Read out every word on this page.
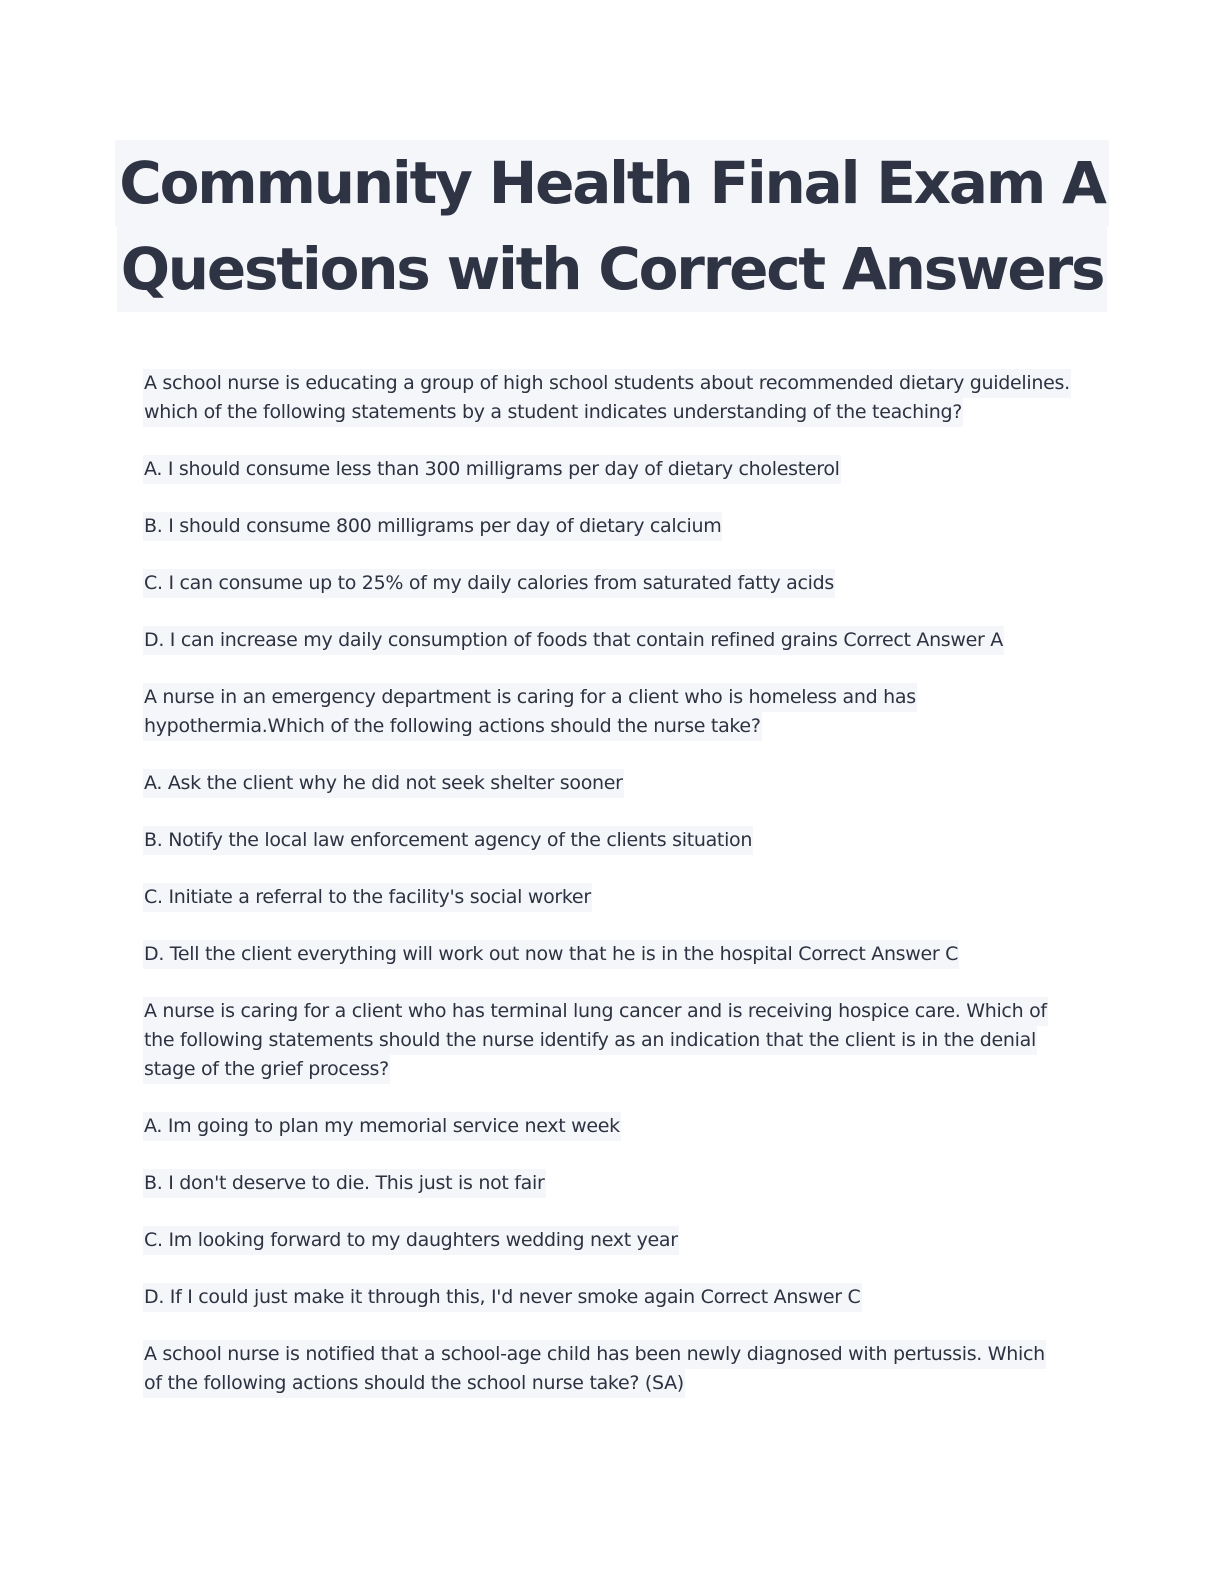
Community Health Final Exam A
Questions with Correct Answers

A school nurse is educating a group of high school students about recommended dietary guidelines.
which of the following statements by a student indicates understanding of the teaching?

A. I should consume less than 300 milligrams per day of dietary cholesterol

B. I should consume 800 milligrams per day of dietary calcium

C. I can consume up to 25% of my daily calories from saturated fatty acids

D. I can increase my daily consumption of foods that contain refined grains Correct Answer A

A nurse in an emergency department is caring for a client who is homeless and has
hypothermia.Which of the following actions should the nurse take?

A. Ask the client why he did not seek shelter sooner

B. Notify the local law enforcement agency of the clients situation

C. Initiate a referral to the facility's social worker

D. Tell the client everything will work out now that he is in the hospital Correct Answer C

A nurse is caring for a client who has terminal lung cancer and is receiving hospice care. Which of
the following statements should the nurse identify as an indication that the client is in the denial
stage of the grief process?

A. Im going to plan my memorial service next week

B. I don't deserve to die. This just is not fair

C. Im looking forward to my daughters wedding next year

D. If I could just make it through this, I'd never smoke again Correct Answer C

A school nurse is notified that a school-age child has been newly diagnosed with pertussis. Which
of the following actions should the school nurse take? (SA)
